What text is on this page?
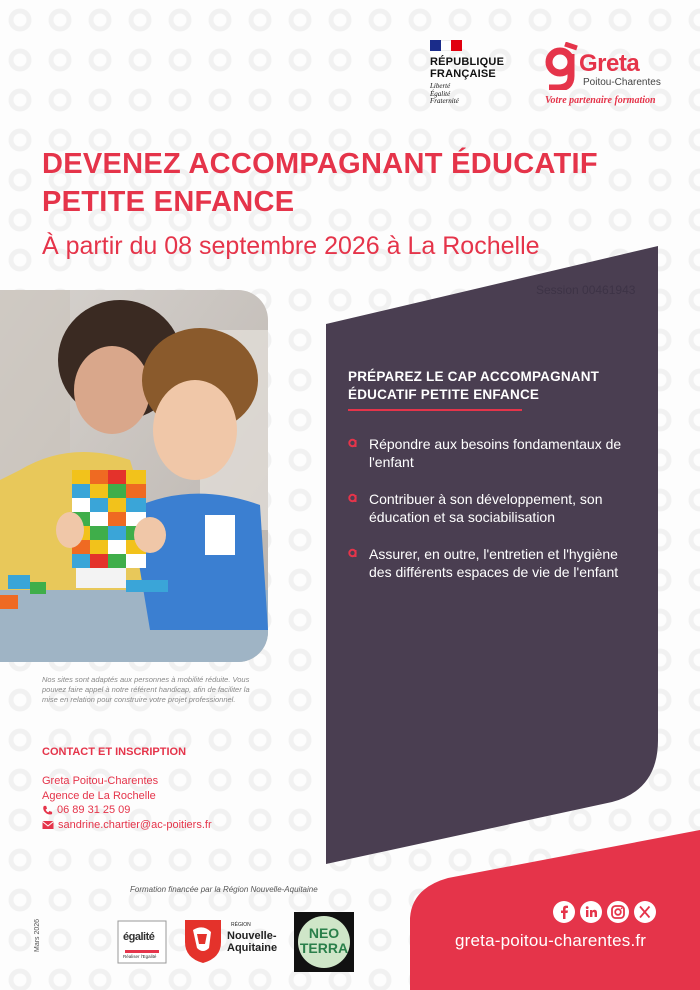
RÉPUBLIQUE
FRANÇAISE
Liberté
Égalité
Fraternité
Greta
Poitou-Charentes
Votre partenaire formation
DEVENEZ ACCOMPAGNANT ÉDUCATIF
PETITE ENFANCE
À partir du 08 septembre 2026 à La Rochelle
Session 00461943
PRÉPAREZ LE CAP ACCOMPAGNANT
ÉDUCATIF PETITE ENFANCE
Répondre aux besoins fondamentaux de
l'enfant
Contribuer à son développement, son
éducation et sa sociabilisation
Assurer, en outre, l'entretien et l'hygiène
des différents espaces de vie de l'enfant
Nos sites sont adaptés aux personnes à mobilité réduite. Vous
pouvez faire appel à notre référent handicap, afin de faciliter la
mise en relation pour construire votre projet professionnel.
CONTACT ET INSCRIPTION
Greta Poitou-Charentes
Agence de La Rochelle
06 89 31 25 09
sandrine.chartier@ac-poitiers.fr
Formation financée par la Région Nouvelle-Aquitaine
Mars 2026	égalité
Réaliser l'Egalité
RÉGION
Nouvelle-
Aquitaine
NEO
TERRA	greta-poitou-charentes.fr
